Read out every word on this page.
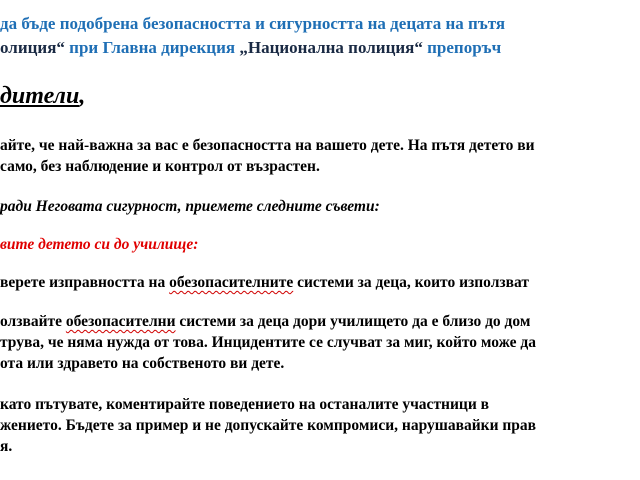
да бъде подобрена безопасността и сигурността на децата на пътя
олиция“ при Главна дирекция „Национална полиция“ препоръч
дители,
айте, че най-важна за вас е безопасността на вашето дете. На пътя детето ви
само, без наблюдение и контрол от възрастен.
ради Неговата сигурност, приемете следните съвети:
вите детето си до училище:
верете изправността на обезопасителните системи за деца, които използват
олзвайте обезопасителни системи за деца дори училището да е близо до дом
трува, че няма нужда от това. Инцидентите се случват за миг, който може да
ота или здравето на собственото ви дете.
като пътувате, коментирайте поведението на останалите участници в
жението. Бъдете за пример и не допускайте компромиси, нарушавайки прав
я.
